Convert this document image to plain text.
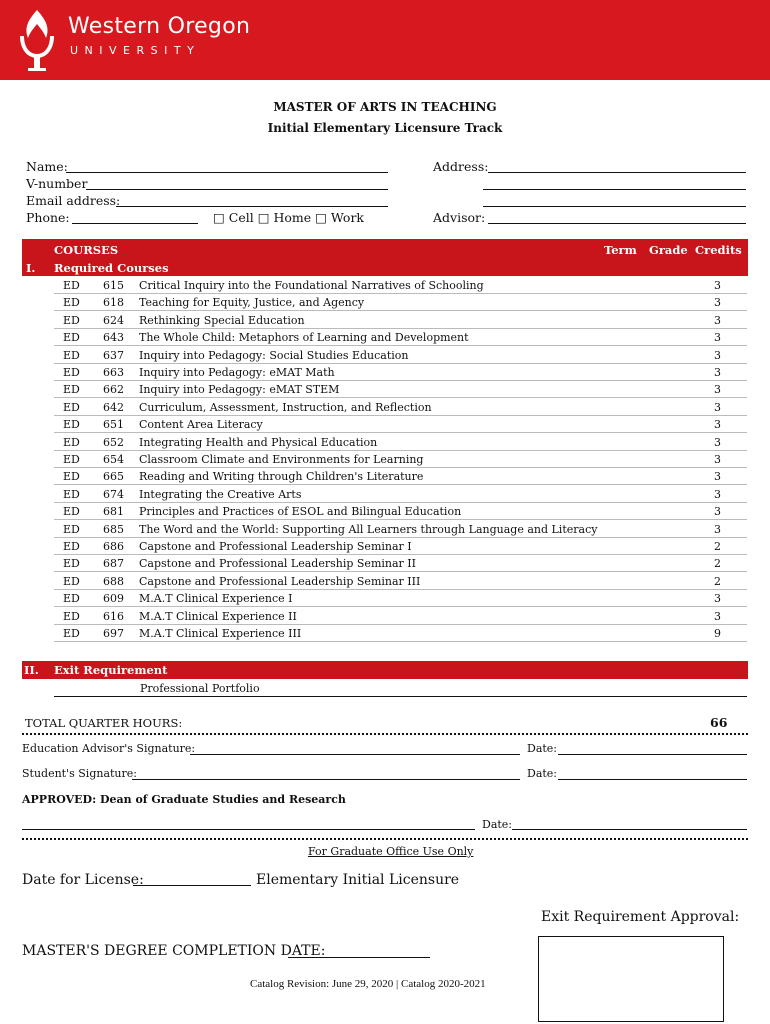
Western Oregon
UNIVERSITY
MASTER OF ARTS IN TEACHING
Initial Elementary Licensure Track
Name:
V-number
Email address:
Phone:	□ Cell □ Home □ Work
Address:
Advisor:
I.
COURSES
Required Courses
Term Grade Credits
ED 615 Critical Inquiry into the Foundational Narratives of Schooling	3
ED 618 Teaching for Equity, Justice, and Agency	3
ED 624 Rethinking Special Education	3
ED 643 The Whole Child: Metaphors of Learning and Development	3
ED 637 Inquiry into Pedagogy: Social Studies Education	3
ED 663 Inquiry into Pedagogy: eMAT Math	3
ED 662 Inquiry into Pedagogy: eMAT STEM	3
ED 642 Curriculum, Assessment, Instruction, and Reflection	3
ED 651 Content Area Literacy	3
ED 652 Integrating Health and Physical Education	3
ED 654 Classroom Climate and Environments for Learning	3
ED 665 Reading and Writing through Children's Literature	3
ED 674 Integrating the Creative Arts	3
ED 681 Principles and Practices of ESOL and Bilingual Education	3
ED 685 The Word and the World: Supporting All Learners through Language and Literacy	3
ED 686 Capstone and Professional Leadership Seminar I	2
ED 687 Capstone and Professional Leadership Seminar II	2
ED 688 Capstone and Professional Leadership Seminar III	2
ED 609 M.A.T Clinical Experience I	3
ED 616 M.A.T Clinical Experience II	3
ED 697 M.A.T Clinical Experience III	9
II. Exit Requirement
Professional Portfolio
TOTAL QUARTER HOURS:	66
Education Advisor's Signature:	Date:
Student's Signature:	Date:
APPROVED: Dean of Graduate Studies and Research
Date:
For Graduate Office Use Only
Date for License:	Elementary Initial Licensure
Exit Requirement Approval:
MASTER'S DEGREE COMPLETION DATE:
Catalog Revision: June 29, 2020 | Catalog 2020-2021
